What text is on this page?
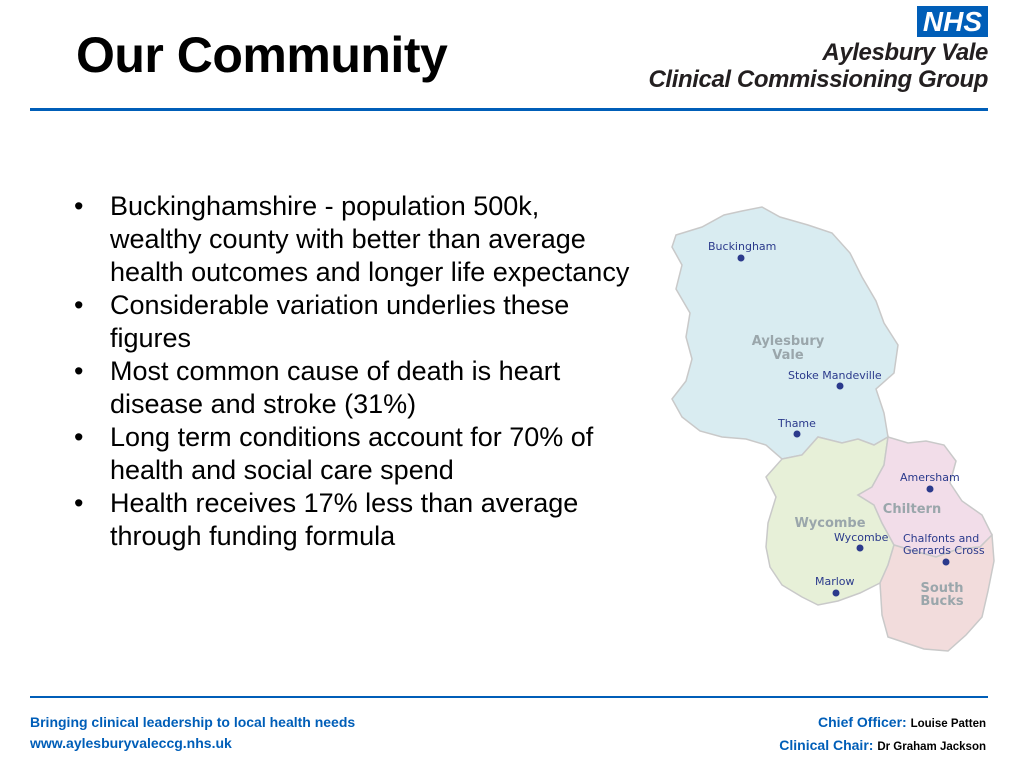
Our Community
NHS
Aylesbury Vale
Clinical Commissioning Group
• Buckinghamshire - population 500k, wealthy county with better than average health outcomes and longer life expectancy
• Considerable variation underlies these figures
• Most common cause of death is heart disease and stroke (31%)
• Long term conditions account for 70% of health and social care spend
• Health receives 17% less than average through funding formula
Aylesbury
Vale
Wycombe
Chiltern
South
Bucks
Buckingham
Stoke Mandeville
Thame
Amersham
Wycombe Chalfonts and
Gerrards Cross
Marlow
Bringing clinical leadership to local health needs
www.aylesburyvaleccg.nhs.uk
Chief Officer: Louise Patten
Clinical Chair: Dr Graham Jackson
